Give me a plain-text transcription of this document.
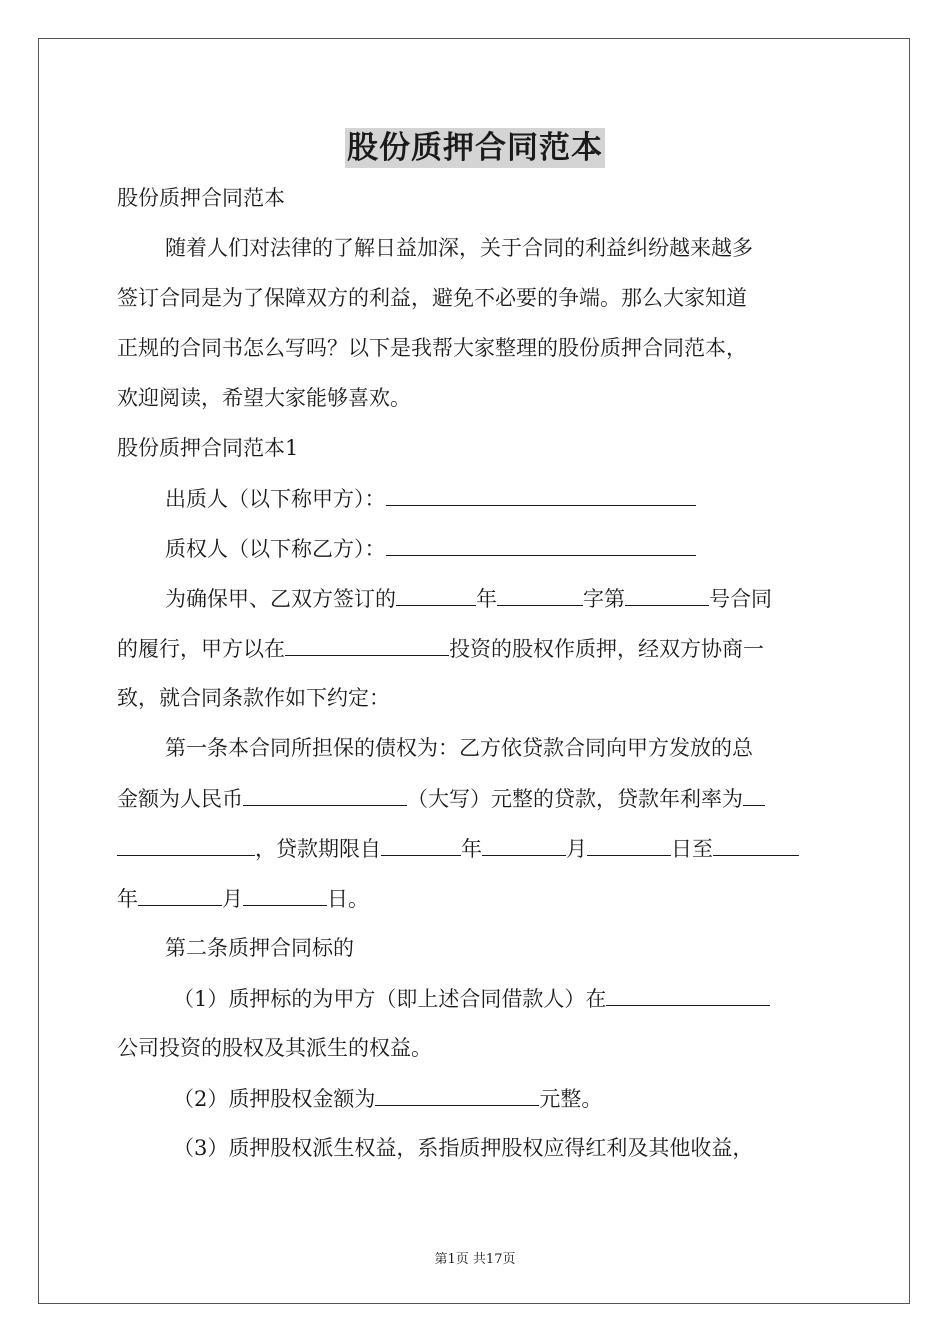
股份质押合同范本
股份质押合同范本
随着人们对法律的了解日益加深，关于合同的利益纠纷越来越多
签订合同是为了保障双方的利益，避免不必要的争端。那么大家知道
正规的合同书怎么写吗？以下是我帮大家整理的股份质押合同范本，
欢迎阅读，希望大家能够喜欢。
股份质押合同范本1
出质人（以下称甲方）：
质权人（以下称乙方）：
为确保甲、乙双方签订的	年	字第	号合同
的履行，甲方以在	投资的股权作质押，经双方协商一
致，就合同条款作如下约定：
第一条本合同所担保的债权为：乙方依贷款合同向甲方发放的总
金额为人民币	（大写）元整的贷款，贷款年利率为
，贷款期限自	年	月	日至
年	月	日。
第二条质押合同标的
（1）质押标的为甲方（即上述合同借款人）在
公司投资的股权及其派生的权益。
（2）质押股权金额为	元整。
（3）质押股权派生权益，系指质押股权应得红利及其他收益，
第1页 共17页
